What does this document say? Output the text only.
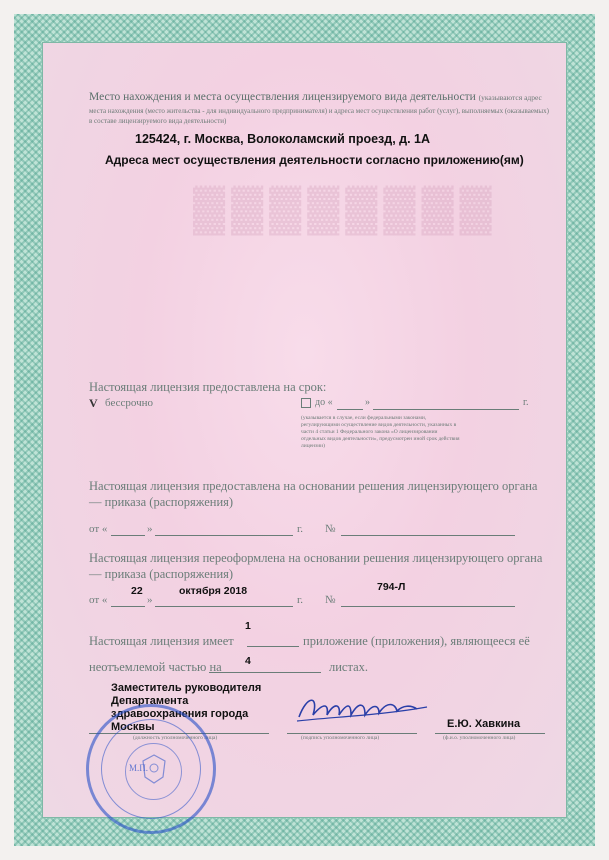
▓▓▓▓▓▓▓▓
Место нахождения и места осуществления лицензируемого вида деятельности (указываются адрес
места нахождения (место жительства - для индивидуального предпринимателя) и адреса мест осуществления работ (услуг), выполняемых (оказываемых)
в составе лицензируемого вида деятельности)
125424, г. Москва, Волоколамский проезд, д. 1А
Адреса мест осуществления деятельности согласно приложению(ям)
Настоящая лицензия предоставлена на срок:
V бессрочно	до «	»	г.
(указывается в случае, если федеральными законами, регулирующими осуществление видов деятельности, указанных в части 4 статьи 1 Федерального закона «О лицензировании отдельных видов деятельности», предусмотрен иной срок действия лицензии)
Настоящая лицензия предоставлена на основании решения лицензирующего органа
— приказа (распоряжения)
от «	»	г. №
Настоящая лицензия переоформлена на основании решения лицензирующего органа
— приказа (распоряжения)
22	октября 2018	794-Л
от «	»	г. №
1
Настоящая лицензия имеет	приложение (приложения), являющееся её
4
неотъемлемой частью на	листах.
Заместитель руководителя
Департамента
здравоохранения города
Москвы
(должность уполномоченного лица)	(подпись уполномоченного лица)
Е.Ю. Хавкина
(ф.и.о. уполномоченного лица)
М.П.
